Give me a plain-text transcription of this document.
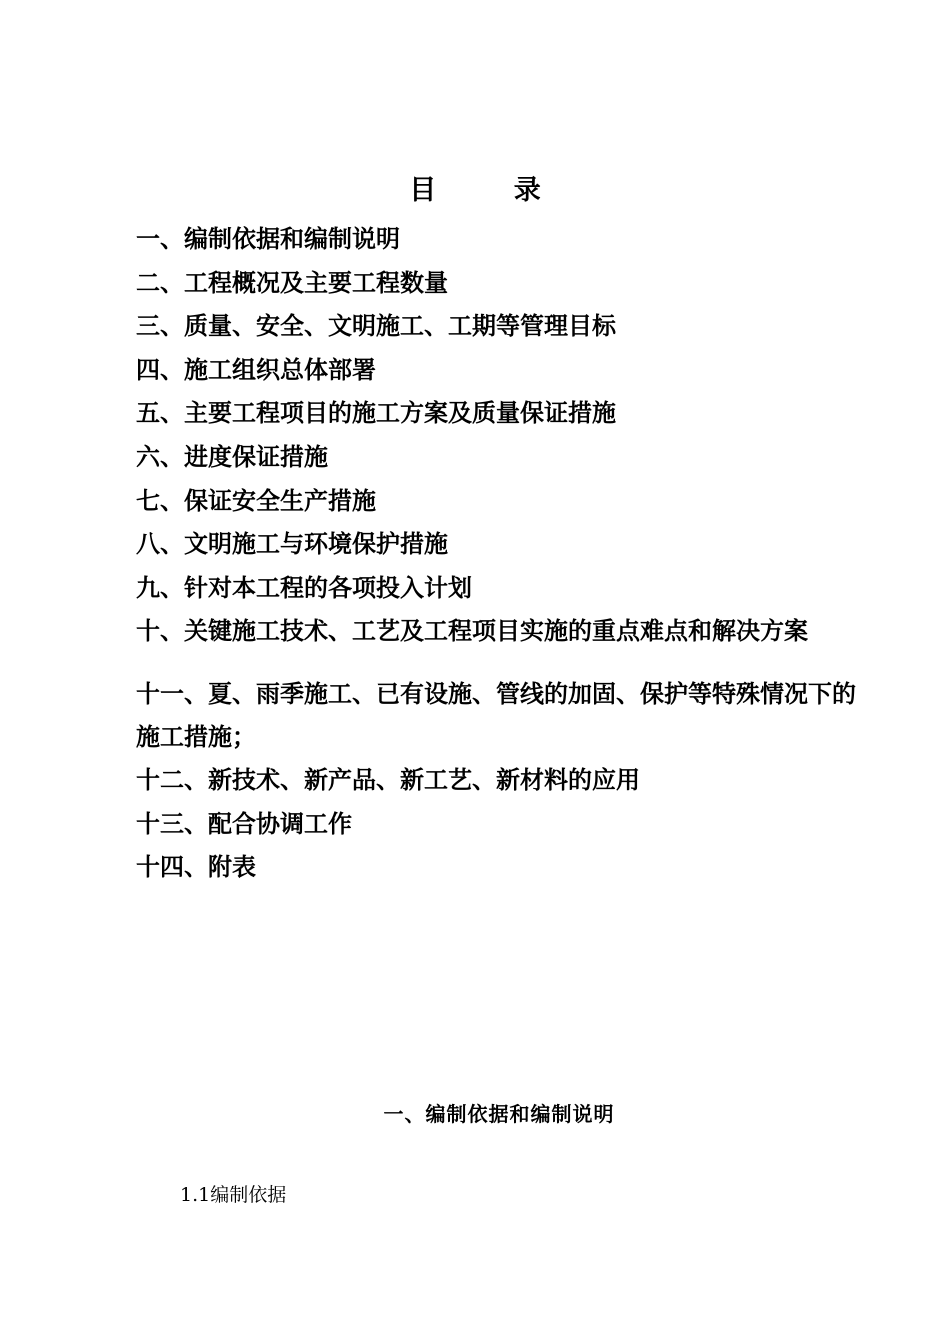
目 录
一、编制依据和编制说明
二、工程概况及主要工程数量
三、质量、安全、文明施工、工期等管理目标
四、施工组织总体部署
五、主要工程项目的施工方案及质量保证措施
六、进度保证措施
七、保证安全生产措施
八、文明施工与环境保护措施
九、针对本工程的各项投入计划
十、关键施工技术、工艺及工程项目实施的重点难点和解决方案
十一、夏、雨季施工、已有设施、管线的加固、保护等特殊情况下的施工措施；
十二、新技术、新产品、新工艺、新材料的应用
十三、配合协调工作
十四、附表
一、编制依据和编制说明
1.1编制依据
